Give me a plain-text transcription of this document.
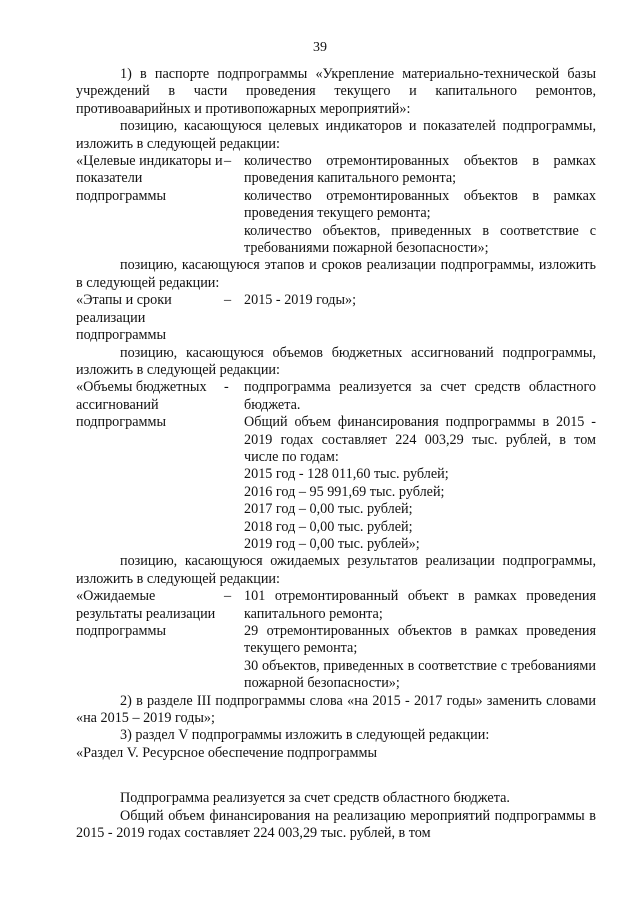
39

1) в паспорте подпрограммы «Укрепление материально-технической базы учреждений в части проведения текущего и капитального ремонтов, противоаварийных и противопожарных мероприятий»:

позицию, касающуюся целевых индикаторов и показателей подпрограммы, изложить в следующей редакции:

«Целевые индикаторы и показатели подпрограммы
– количество отремонтированных объектов в рамках проведения капитального ремонта;

количество отремонтированных объектов в рамках проведения текущего ремонта;

количество объектов, приведенных в соответствие с требованиями пожарной безопасности»;

позицию, касающуюся этапов и сроков реализации подпрограммы, изложить в следующей редакции:

«Этапы и сроки реализации подпрограммы
– 2015 - 2019 годы»;

позицию, касающуюся объемов бюджетных ассигнований подпрограммы, изложить в следующей редакции:

«Объемы бюджетных ассигнований подпрограммы
-	подпрограмма реализуется за счет средств областного бюджета.

Общий объем финансирования подпрограммы в 2015 - 2019 годах составляет 224 003,29 тыс. рублей, в том числе по годам:

2015 год - 128 011,60 тыс. рублей;

2016 год – 95 991,69 тыс. рублей;

2017 год – 0,00 тыс. рублей;

2018 год – 0,00 тыс. рублей;

2019 год – 0,00 тыс. рублей»;

позицию, касающуюся ожидаемых результатов реализации подпрограммы, изложить в следующей редакции:

«Ожидаемые результаты реализации подпрограммы
– 101 отремонтированный объект в рамках проведения капитального ремонта;

29 отремонтированных объектов в рамках проведения текущего ремонта;

30 объектов, приведенных в соответствие с требованиями пожарной безопасности»;

2) в разделе III подпрограммы слова «на 2015 - 2017 годы» заменить словами «на 2015 – 2019 годы»;

3) раздел V подпрограммы изложить в следующей редакции:

«Раздел V. Ресурсное обеспечение подпрограммы

Подпрограмма реализуется за счет средств областного бюджета.

Общий объем финансирования на реализацию мероприятий подпрограммы в 2015 - 2019 годах составляет 224 003,29 тыс. рублей, в том
